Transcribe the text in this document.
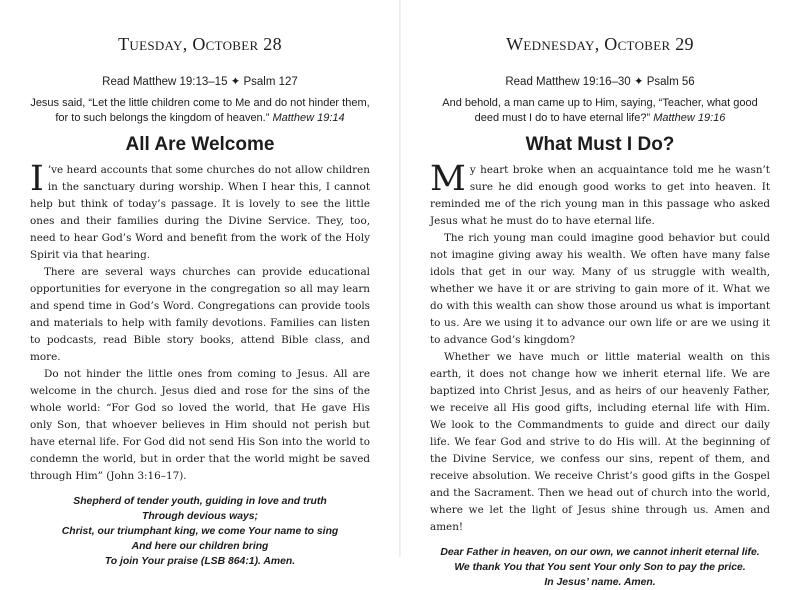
Tuesday, October 28
Read Matthew 19:13–15 ✦ Psalm 127
Jesus said, “Let the little children come to Me and do not hinder them, for to such belongs the kingdom of heaven.” Matthew 19:14
All Are Welcome

I ’ve heard accounts that some churches do not allow children in the sanctuary during worship. When I hear this, I cannot help but think of today’s passage. It is lovely to see the little ones and their families during the Divine Service. They, too, need to hear God’s Word and benefit from the work of the Holy Spirit via that hearing.

There are several ways churches can provide educational opportunities for everyone in the congregation so all may learn and spend time in God’s Word. Congregations can provide tools and materials to help with family devotions. Families can listen to podcasts, read Bible story books, attend Bible class, and more.

Do not hinder the little ones from coming to Jesus. All are welcome in the church. Jesus died and rose for the sins of the whole world: “For God so loved the world, that He gave His only Son, that whoever believes in Him should not perish but have eternal life. For God did not send His Son into the world to condemn the world, but in order that the world might be saved through Him” (John 3:16–17).

Shepherd of tender youth, guiding in love and truth
Through devious ways;
Christ, our triumphant king, we come Your name to sing
And here our children bring
To join Your praise (LSB 864:1). Amen.
Wednesday, October 29
Read Matthew 19:16–30 ✦ Psalm 56
And behold, a man came up to Him, saying, “Teacher, what good deed must I do to have eternal life?” Matthew 19:16
What Must I Do?

My heart broke when an acquaintance told me he wasn’t sure he did enough good works to get into heaven. It reminded me of the rich young man in this passage who asked Jesus what he must do to have eternal life.

The rich young man could imagine good behavior but could not imagine giving away his wealth. We often have many false idols that get in our way. Many of us struggle with wealth, whether we have it or are striving to gain more of it. What we do with this wealth can show those around us what is important to us. Are we using it to advance our own life or are we using it to advance God’s kingdom?

Whether we have much or little material wealth on this earth, it does not change how we inherit eternal life. We are baptized into Christ Jesus, and as heirs of our heavenly Father, we receive all His good gifts, including eternal life with Him. We look to the Commandments to guide and direct our daily life. We fear God and strive to do His will. At the beginning of the Divine Service, we confess our sins, repent of them, and receive absolution. We receive Christ’s good gifts in the Gospel and the Sacrament. Then we head out of church into the world, where we let the light of Jesus shine through us. Amen and amen!

Dear Father in heaven, on our own, we cannot inherit eternal life.
We thank You that You sent Your only Son to pay the price.
In Jesus’ name. Amen.
